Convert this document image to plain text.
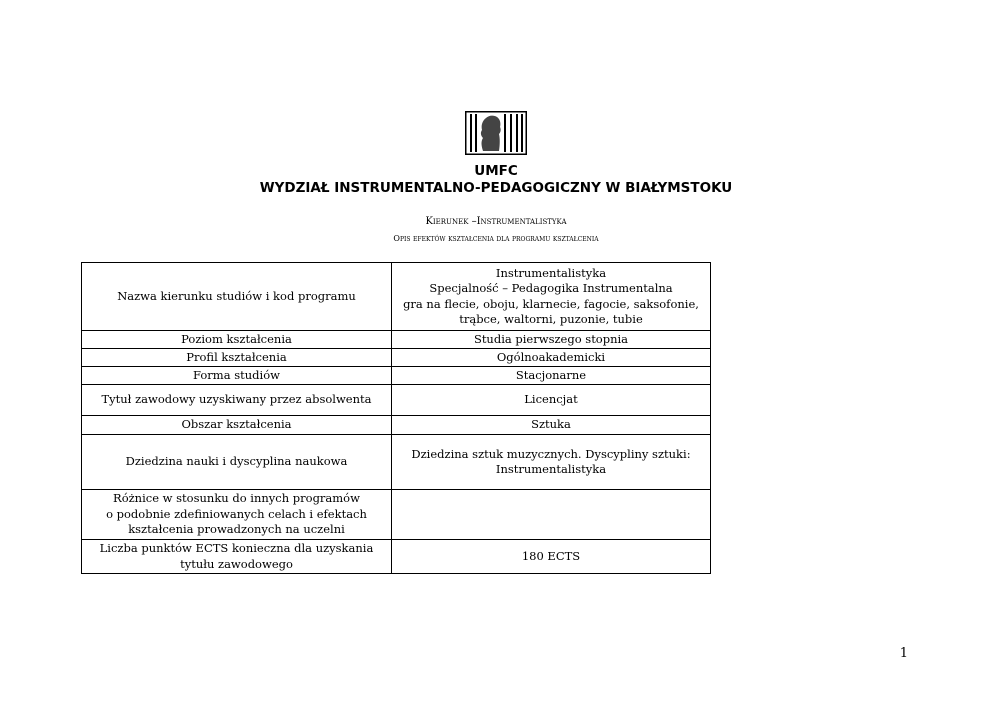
UMFC
WYDZIAŁ INSTRUMENTALNO-PEDAGOGICZNY W BIAŁYMSTOKU
Kierunek –Instrumentalistyka
Opis efektów kształcenia dla programu kształcenia
Nazwa kierunku studiów i kod programu	Instrumentalistyka
Specjalność – Pedagogika Instrumentalna
gra na flecie, oboju, klarnecie, fagocie, saksofonie,
trąbce, waltorni, puzonie, tubie

Poziom kształcenia	Studia pierwszego stopnia
Profil kształcenia	Ogólnoakademicki
Forma studiów	Stacjonarne
Tytuł zawodowy uzyskiwany przez absolwenta	Licencjat
Obszar kształcenia	Sztuka
Dziedzina nauki i dyscyplina naukowa	Dziedzina sztuk muzycznych. Dyscypliny sztuki:
Instrumentalistyka

Różnice w stosunku do innych programów
o podobnie zdefiniowanych celach i efektach
kształcenia prowadzonych na uczelni	

Liczba punktów ECTS konieczna dla uzyskania
tytułu zawodowego	180 ECTS
1
